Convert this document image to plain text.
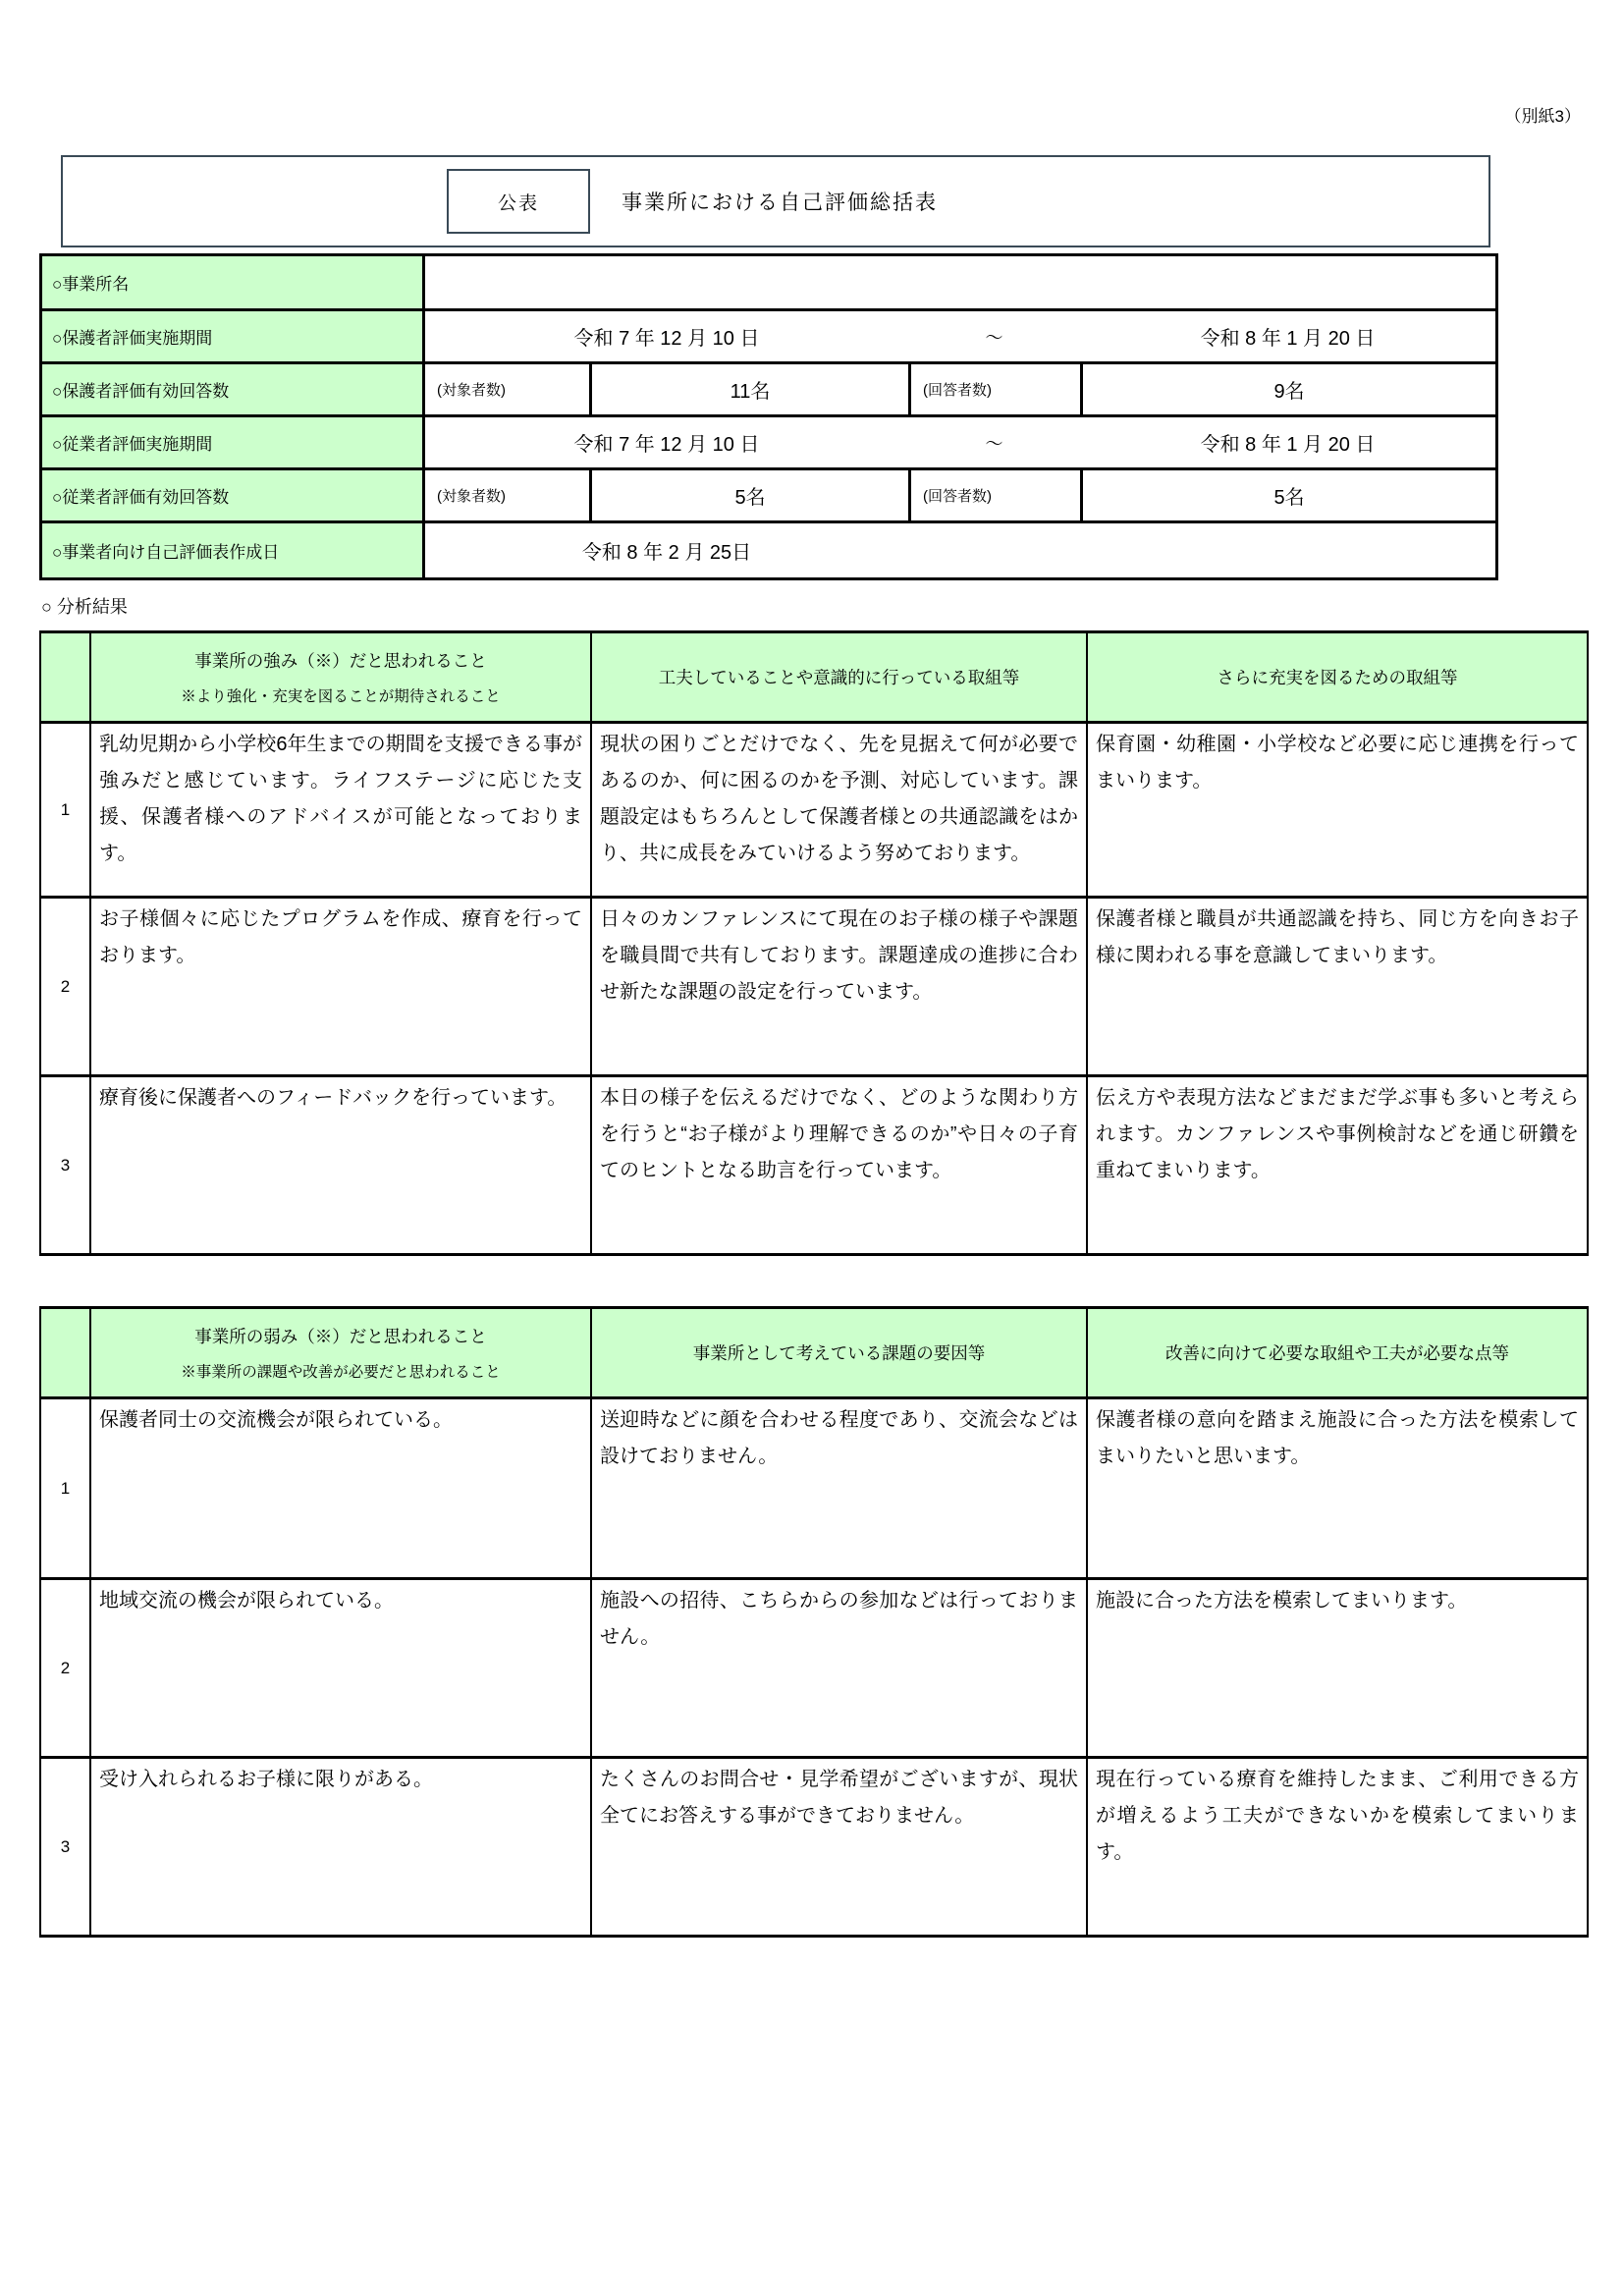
（別紙3）
公表	事業所における自己評価総括表
○事業所名				
○保護者評価実施期間	令和 7 年 12 月 10 日 ～ 令和 8 年 1 月 20 日			

○保護者評価有効回答数	(対象者数)	11名	(回答者数)	9名
○従業者評価実施期間	令和 7 年 12 月 10 日 ～ 令和 8 年 1 月 20 日			

○従業者評価有効回答数	(対象者数)	5名	(回答者数)	5名
○事業者向け自己評価表作成日	令和 8 年 2 月 25日			
○ 分析結果

	事業所の強み（※）だと思われること
※より強化・充実を図ることが期待されること	工夫していることや意識的に行っている取組等	さらに充実を図るための取組等
1	乳幼児期から小学校6年生までの期間を支援できる事が強みだと感じています。ライフステージに応じた支援、保護者様へのアドバイスが可能となっております。	現状の困りごとだけでなく、先を見据えて何が必要であるのか、何に困るのかを予測、対応しています。課題設定はもちろんとして保護者様との共通認識をはかり、共に成長をみていけるよう努めております。	保育園・幼稚園・小学校など必要に応じ連携を行ってまいります。
2	お子様個々に応じたプログラムを作成、療育を行っております。	日々のカンファレンスにて現在のお子様の様子や課題を職員間で共有しております。課題達成の進捗に合わせ新たな課題の設定を行っています。	保護者様と職員が共通認識を持ち、同じ方を向きお子様に関われる事を意識してまいります。
3	療育後に保護者へのフィードバックを行っています。	本日の様子を伝えるだけでなく、どのような関わり方を行うと“お子様がより理解できるのか”や日々の子育てのヒントとなる助言を行っています。	伝え方や表現方法などまだまだ学ぶ事も多いと考えられます。カンファレンスや事例検討などを通じ研鑽を重ねてまいります。

	事業所の弱み（※）だと思われること
※事業所の課題や改善が必要だと思われること	事業所として考えている課題の要因等	改善に向けて必要な取組や工夫が必要な点等
1	保護者同士の交流機会が限られている。	送迎時などに顔を合わせる程度であり、交流会などは設けておりません。	保護者様の意向を踏まえ施設に合った方法を模索してまいりたいと思います。
2	地域交流の機会が限られている。	施設への招待、こちらからの参加などは行っておりません。	施設に合った方法を模索してまいります。
3	受け入れられるお子様に限りがある。	たくさんのお問合せ・見学希望がございますが、現状全てにお答えする事ができておりません。	現在行っている療育を維持したまま、ご利用できる方が増えるよう工夫ができないかを模索してまいります。
